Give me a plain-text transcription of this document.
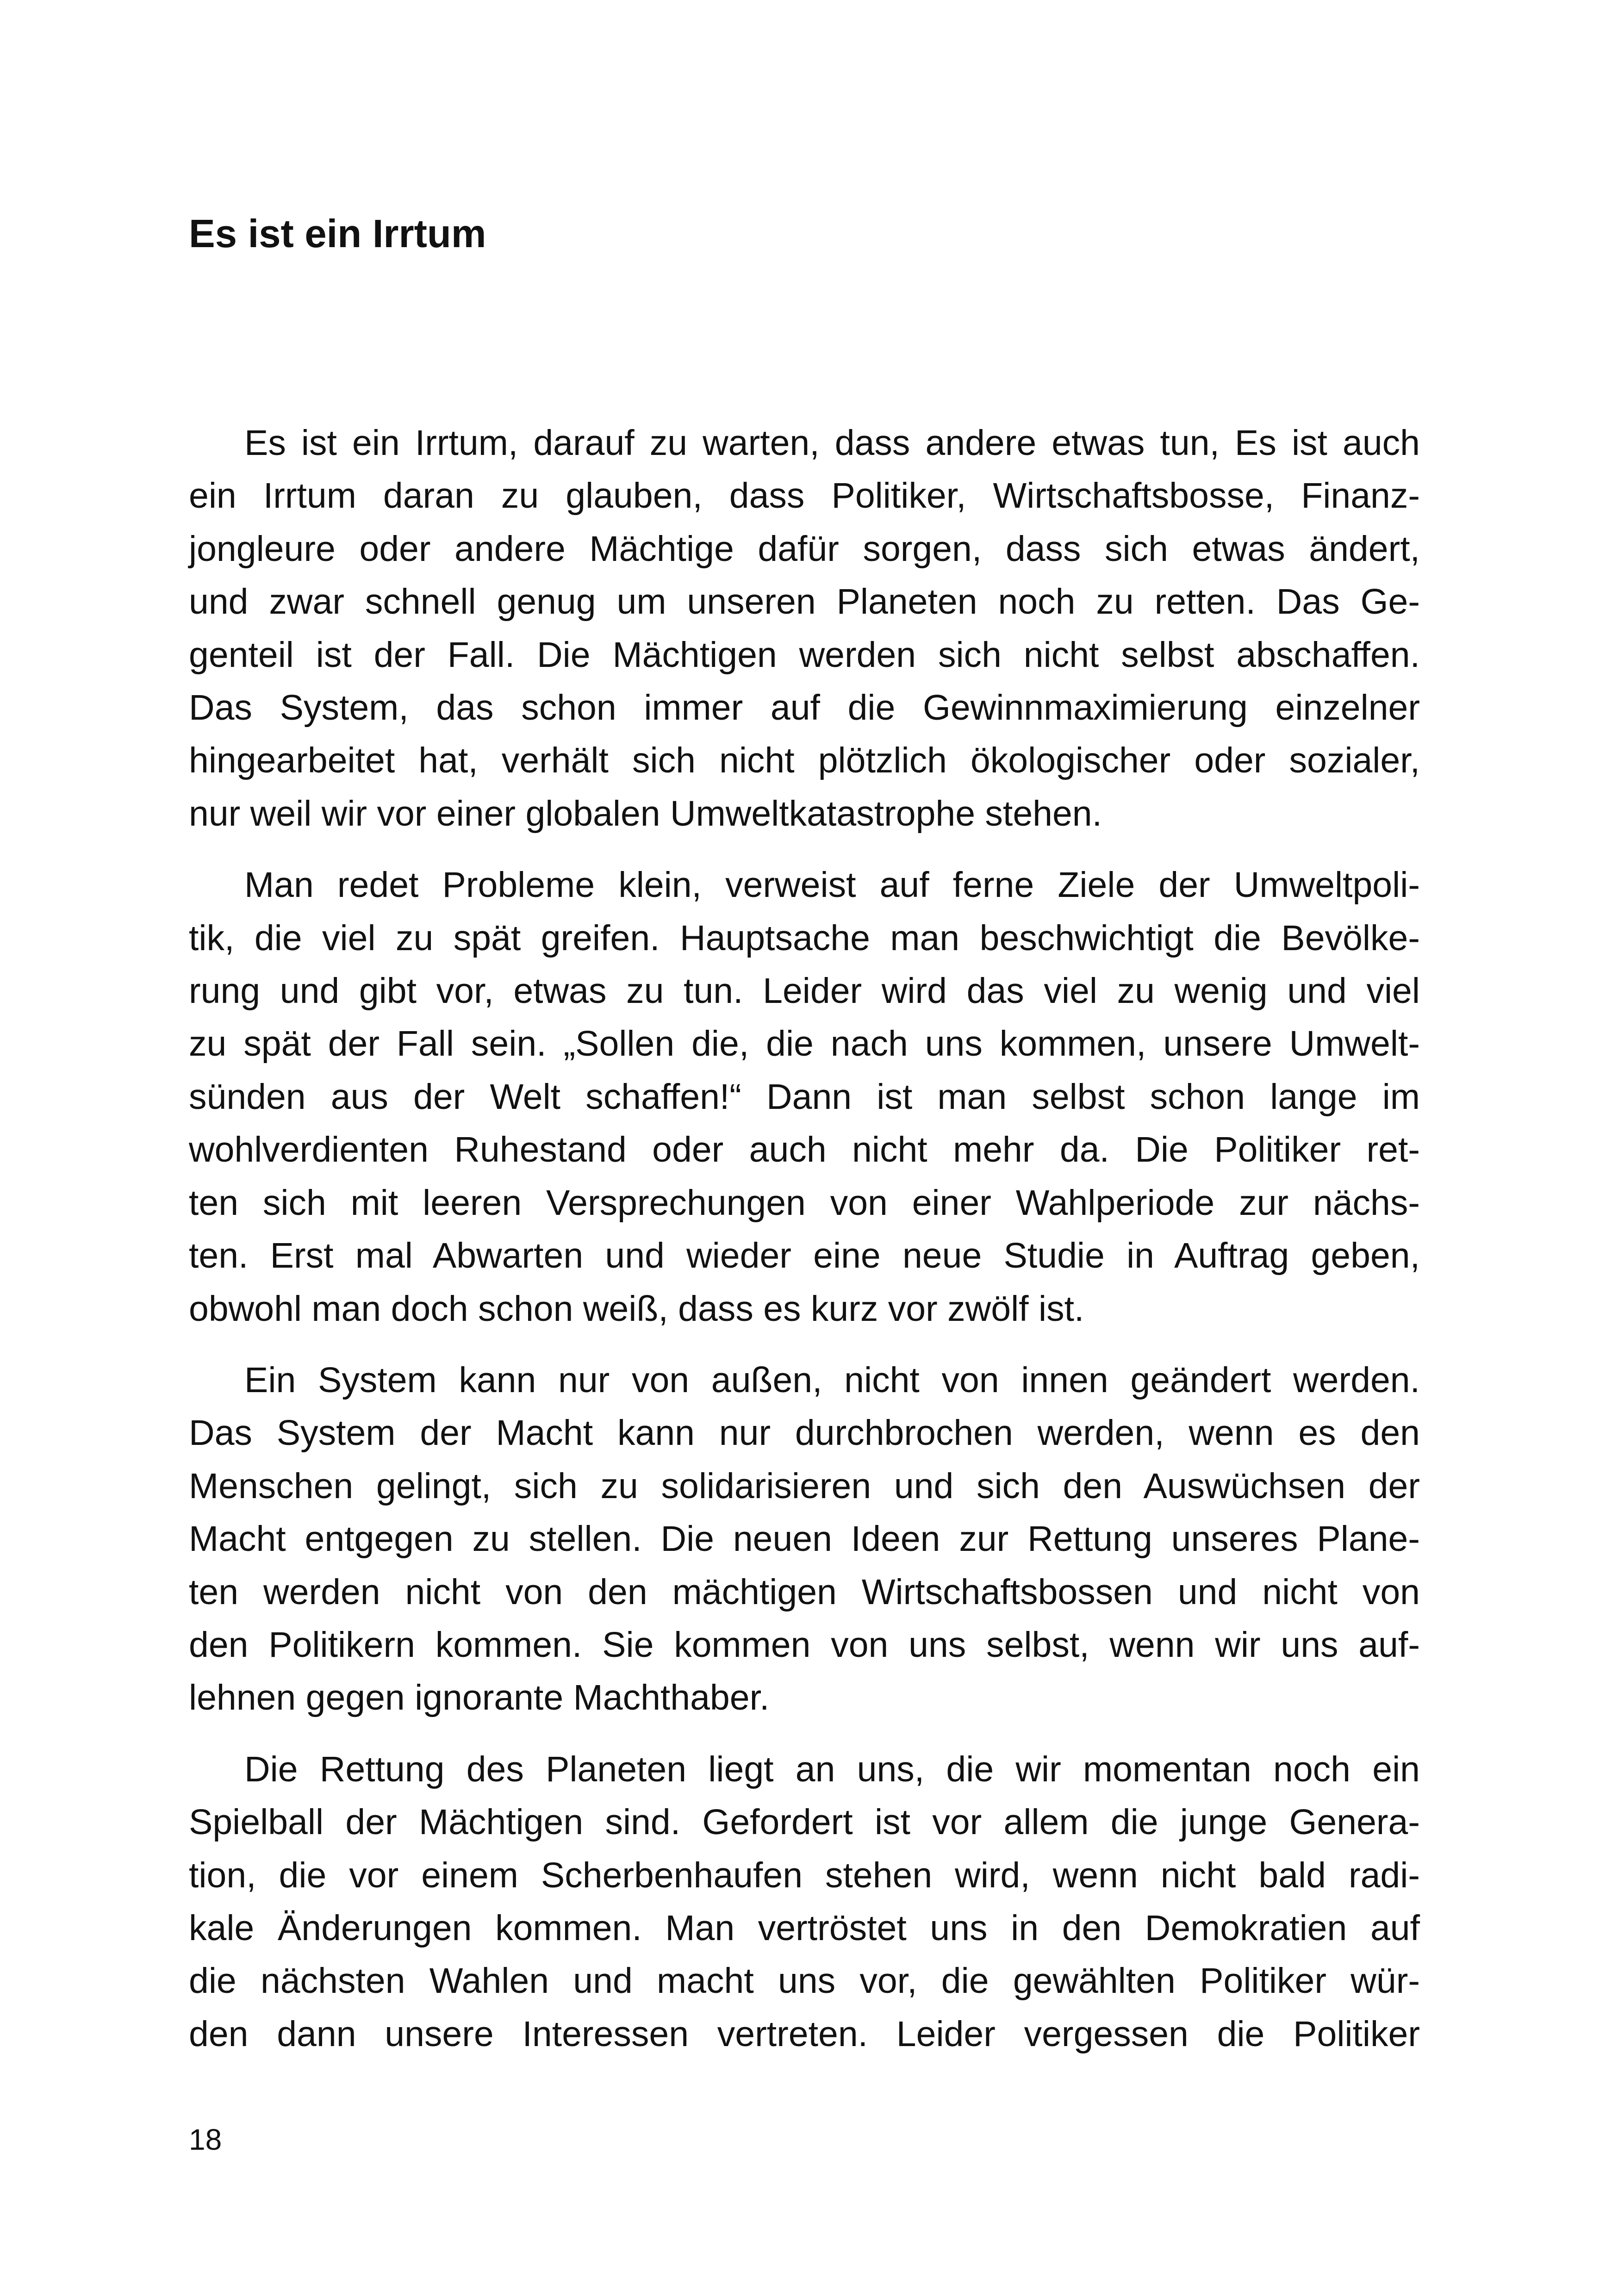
Es ist ein Irrtum

Es ist ein Irrtum, darauf zu warten, dass andere etwas tun, Es ist auch
ein Irrtum daran zu glauben, dass Politiker, Wirtschaftsbosse, Finanz-
jongleure oder andere Mächtige dafür sorgen, dass sich etwas ändert,
und zwar schnell genug um unseren Planeten noch zu retten. Das Ge-
genteil ist der Fall. Die Mächtigen werden sich nicht selbst abschaffen.
Das System, das schon immer auf die Gewinnmaximierung einzelner
hingearbeitet hat, verhält sich nicht plötzlich ökologischer oder sozialer,
nur weil wir vor einer globalen Umweltkatastrophe stehen.

Man redet Probleme klein, verweist auf ferne Ziele der Umweltpoli-
tik, die viel zu spät greifen. Hauptsache man beschwichtigt die Bevölke-
rung und gibt vor, etwas zu tun. Leider wird das viel zu wenig und viel
zu spät der Fall sein. „Sollen die, die nach uns kommen, unsere Umwelt-
sünden aus der Welt schaffen!“ Dann ist man selbst schon lange im
wohlverdienten Ruhestand oder auch nicht mehr da. Die Politiker ret-
ten sich mit leeren Versprechungen von einer Wahlperiode zur nächs-
ten. Erst mal Abwarten und wieder eine neue Studie in Auftrag geben,
obwohl man doch schon weiß, dass es kurz vor zwölf ist.

Ein System kann nur von außen, nicht von innen geändert werden.
Das System der Macht kann nur durchbrochen werden, wenn es den
Menschen gelingt, sich zu solidarisieren und sich den Auswüchsen der
Macht entgegen zu stellen. Die neuen Ideen zur Rettung unseres Plane-
ten werden nicht von den mächtigen Wirtschaftsbossen und nicht von
den Politikern kommen. Sie kommen von uns selbst, wenn wir uns auf-
lehnen gegen ignorante Machthaber.

Die Rettung des Planeten liegt an uns, die wir momentan noch ein
Spielball der Mächtigen sind. Gefordert ist vor allem die junge Genera-
tion, die vor einem Scherbenhaufen stehen wird, wenn nicht bald radi-
kale Änderungen kommen. Man vertröstet uns in den Demokratien auf
die nächsten Wahlen und macht uns vor, die gewählten Politiker wür-
den dann unsere Interessen vertreten. Leider vergessen die Politiker

18
